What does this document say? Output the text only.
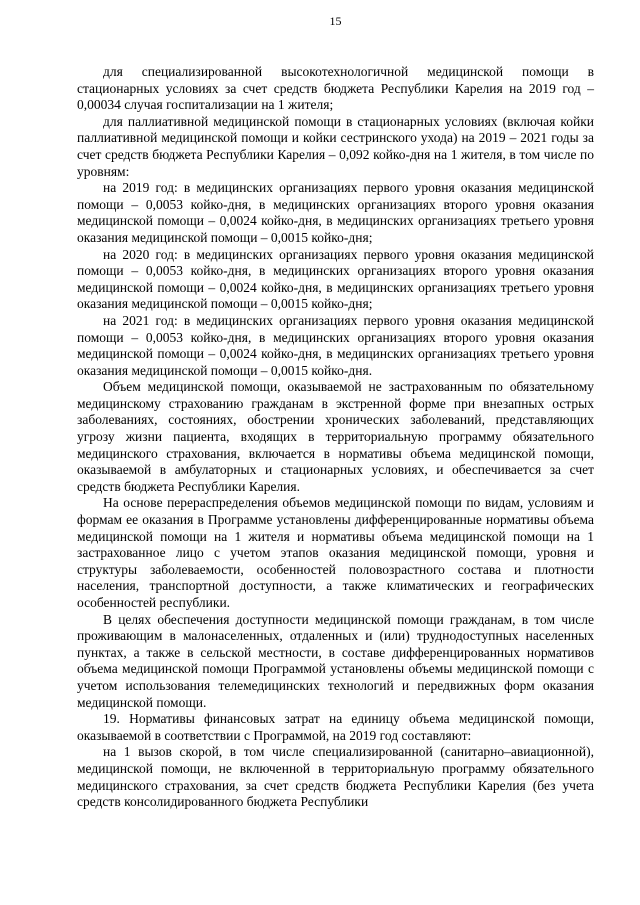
15

для специализированной высокотехнологичной медицинской помощи в стационарных условиях за счет средств бюджета Республики Карелия на 2019 год – 0,00034 случая госпитализации на 1 жителя;

для паллиативной медицинской помощи в стационарных условиях (включая койки паллиативной медицинской помощи и койки сестринского ухода) на 2019 – 2021 годы за счет средств бюджета Республики Карелия – 0,092 койко-дня на 1 жителя, в том числе по уровням:

на 2019 год: в медицинских организациях первого уровня оказания медицинской помощи – 0,0053 койко-дня, в медицинских организациях второго уровня оказания медицинской помощи – 0,0024 койко-дня, в медицинских организациях третьего уровня оказания медицинской помощи – 0,0015 койко-дня;

на 2020 год: в медицинских организациях первого уровня оказания медицинской помощи – 0,0053 койко-дня, в медицинских организациях второго уровня оказания медицинской помощи – 0,0024 койко-дня, в медицинских организациях третьего уровня оказания медицинской помощи – 0,0015 койко-дня;

на 2021 год: в медицинских организациях первого уровня оказания медицинской помощи – 0,0053 койко-дня, в медицинских организациях второго уровня оказания медицинской помощи – 0,0024 койко-дня, в медицинских организациях третьего уровня оказания медицинской помощи – 0,0015 койко-дня.

Объем медицинской помощи, оказываемой не застрахованным по обязательному медицинскому страхованию гражданам в экстренной форме при внезапных острых заболеваниях, состояниях, обострении хронических заболеваний, представляющих угрозу жизни пациента, входящих в территориальную программу обязательного медицинского страхования, включается в нормативы объема медицинской помощи, оказываемой в амбулаторных и стационарных условиях, и обеспечивается за счет средств бюджета Республики Карелия.

На основе перераспределения объемов медицинской помощи по видам, условиям и формам ее оказания в Программе установлены дифференцированные нормативы объема медицинской помощи на 1 жителя и нормативы объема медицинской помощи на 1 застрахованное лицо с учетом этапов оказания медицинской помощи, уровня и структуры заболеваемости, особенностей половозрастного состава и плотности населения, транспортной доступности, а также климатических и географических особенностей республики.

В целях обеспечения доступности медицинской помощи гражданам, в том числе проживающим в малонаселенных, отдаленных и (или) труднодоступных населенных пунктах, а также в сельской местности, в составе дифференцированных нормативов объема медицинской помощи Программой установлены объемы медицинской помощи с учетом использования телемедицинских технологий и передвижных форм оказания медицинской помощи.

19. Нормативы финансовых затрат на единицу объема медицинской помощи, оказываемой в соответствии с Программой, на 2019 год составляют:

на 1 вызов скорой, в том числе специализированной (санитарно–авиационной), медицинской помощи, не включенной в территориальную программу обязательного медицинского страхования, за счет средств бюджета Республики Карелия (без учета средств консолидированного бюджета Республики
